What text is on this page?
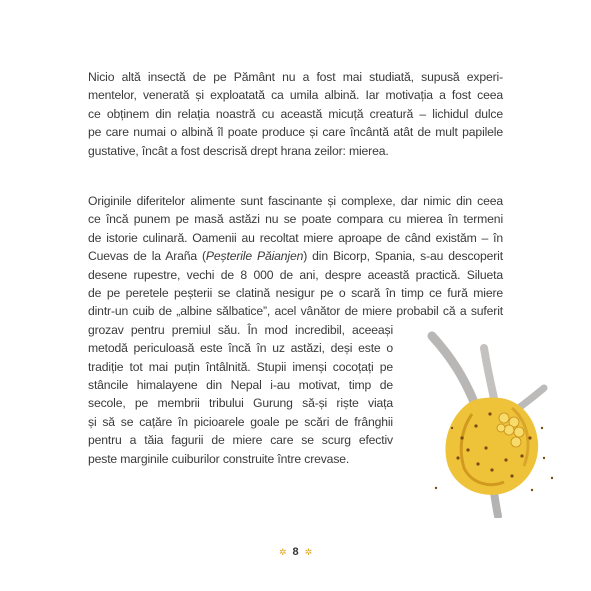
Nicio altă insectă de pe Pământ nu a fost mai studiată, supusă experi-
mentelor, venerată și exploatată ca umila albină. Iar motivația a fost ceea
ce obținem din relația noastră cu această micuță creatură – lichidul dulce
pe care numai o albină îl poate produce și care încântă atât de mult papilele
gustative, încât a fost descrisă drept hrana zeilor: mierea.

Originile diferitelor alimente sunt fascinante și complexe, dar nimic din ceea
ce încă punem pe masă astăzi nu se poate compara cu mierea în termeni
de istorie culinară. Oamenii au recoltat miere aproape de când existăm – în
Cuevas de la Araña (Peșterile Păianjen) din Bicorp, Spania, s-au descoperit
desene rupestre, vechi de 8 000 de ani, despre această practică. Silueta
de pe peretele peșterii se clatină nesigur pe o scară în timp ce fură miere
dintr-un cuib de „albine sălbatice”, acel vânător de miere probabil că a suferit
grozav pentru premiul său. În mod incredibil, aceeași
metodă periculoasă este încă în uz astăzi, deși este o
tradiție tot mai puțin întâlnită. Stupii imenși cocoțați pe
stâncile himalayene din Nepal i-au motivat, timp de
secole, pe membrii tribului Gurung să-și riște viața
și să se cațăre în picioarele goale pe scări de frânghii
pentru a tăia fagurii de miere care se scurg efectiv
peste marginile cuiburilor construite între crevase.

✲ 8 ✲
